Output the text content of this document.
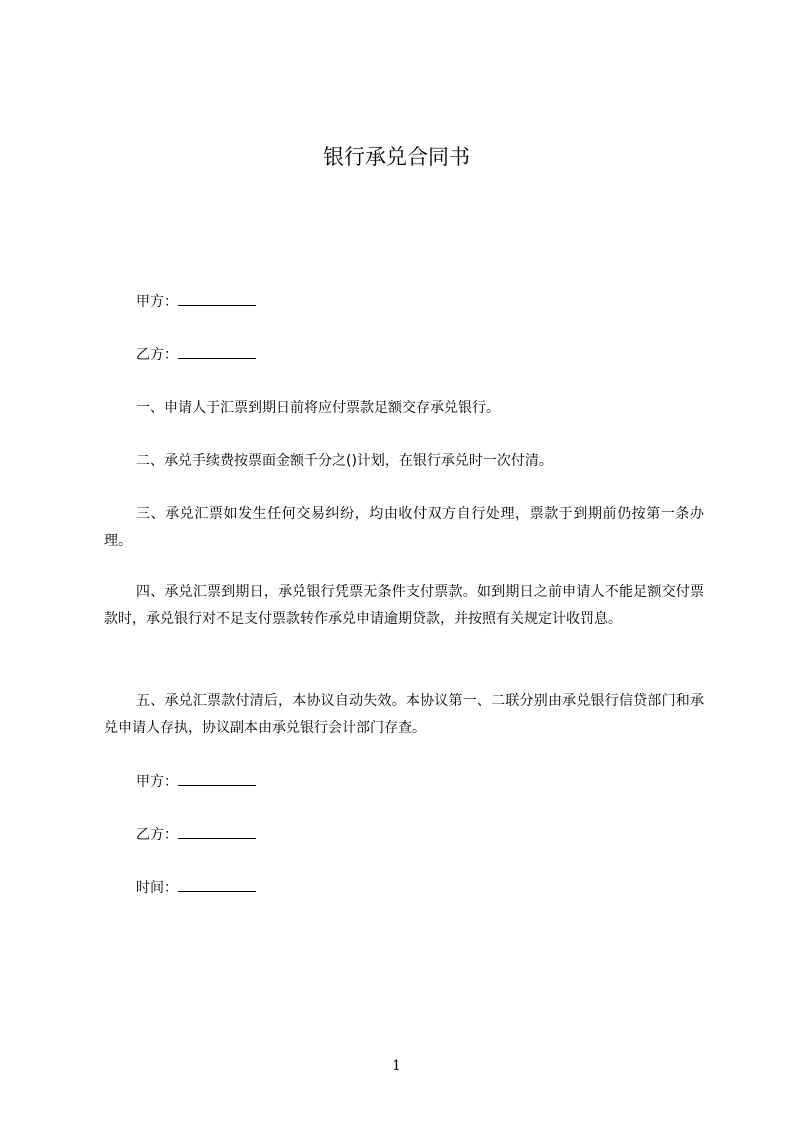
银行承兑合同书
甲方：
乙方：

一、申请人于汇票到期日前将应付票款足额交存承兑银行。

二、承兑手续费按票面金额千分之()计划，在银行承兑时一次付清。

三、承兑汇票如发生任何交易纠纷，均由收付双方自行处理，票款于到期前仍按第一条办理。

四、承兑汇票到期日，承兑银行凭票无条件支付票款。如到期日之前申请人不能足额交付票款时，承兑银行对不足支付票款转作承兑申请逾期贷款，并按照有关规定计收罚息。

五、承兑汇票款付清后，本协议自动失效。本协议第一、二联分别由承兑银行信贷部门和承兑申请人存执，协议副本由承兑银行会计部门存查。

甲方：
乙方：
时间：
1
